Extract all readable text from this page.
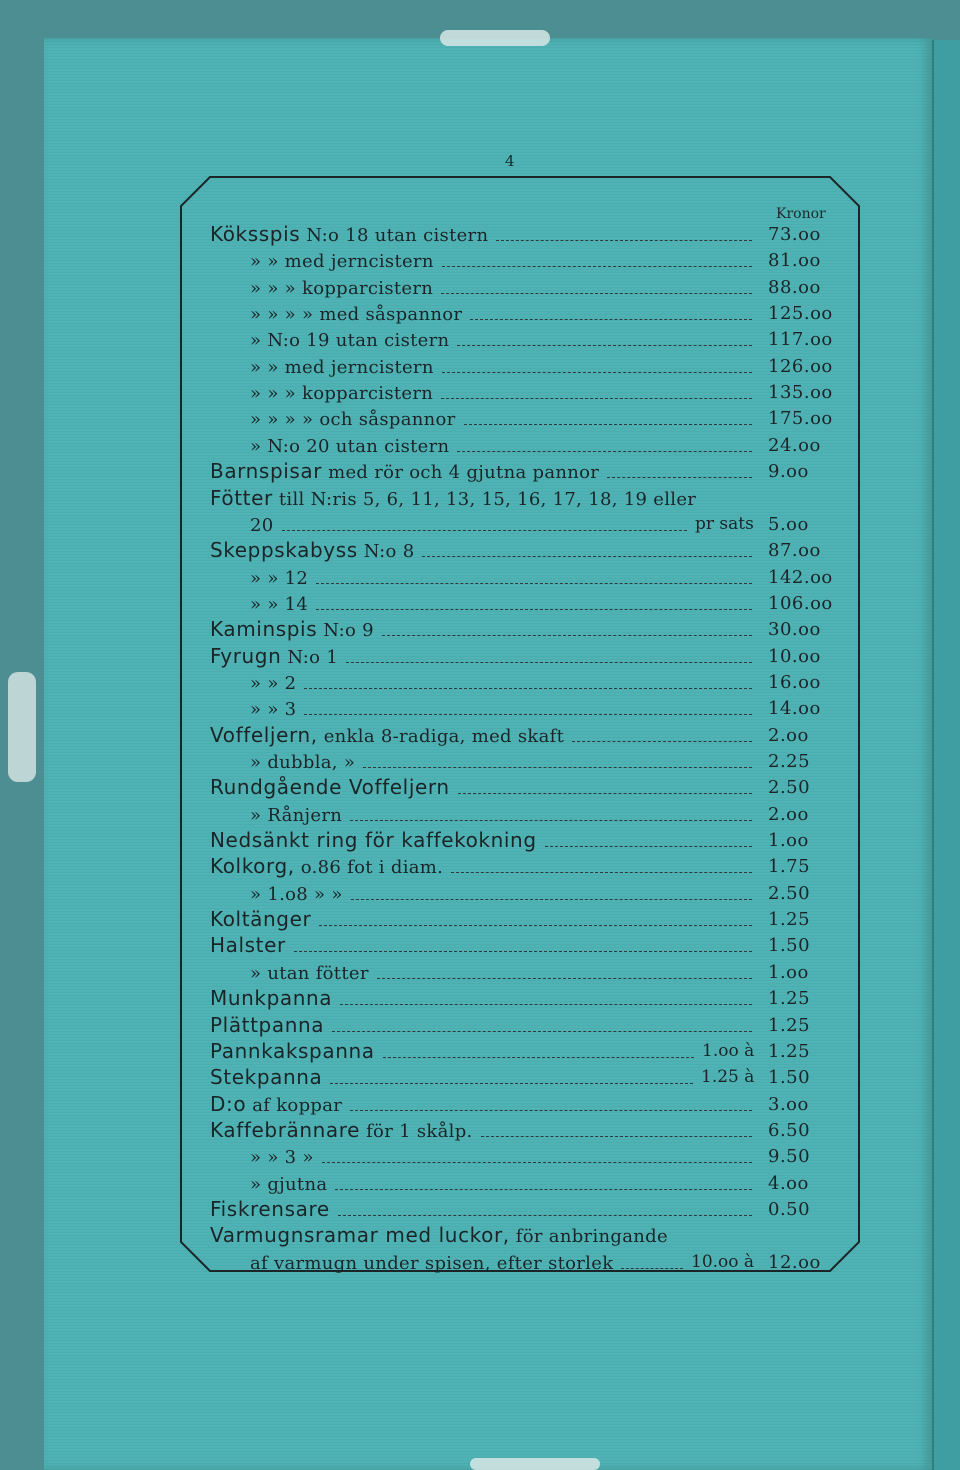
4
Kronor
Köksspis N:o 18 utan cistern	73.oo
» » med jerncistern	81.oo
» » » kopparcistern	88.oo
» » » » med såspannor	125.oo
» N:o 19 utan cistern	117.oo
» » med jerncistern	126.oo
» » » kopparcistern	135.oo
» » » » och såspannor	175.oo
» N:o 20 utan cistern	24.oo
Barnspisar med rör och 4 gjutna pannor	9.oo
Fötter till N:ris 5, 6, 11, 13, 15, 16, 17, 18, 19 eller
20	pr sats 5.oo
Skeppskabyss N:o 8	87.oo
» » 12	142.oo
» » 14	106.oo
Kaminspis N:o 9	30.oo
Fyrugn N:o 1	10.oo
» » 2	16.oo
» » 3	14.oo
Voffeljern, enkla 8-radiga, med skaft	2.oo
» dubbla, »	2.25
Rundgående Voffeljern	2.50
» Rånjern	2.oo
Nedsänkt ring för kaffekokning	1.oo
Kolkorg, o.86 fot i diam.	1.75
» 1.o8 » »	2.50
Koltänger	1.25
Halster	1.50
» utan fötter	1.oo
Munkpanna	1.25
Plättpanna	1.25
Pannkakspanna	1.oo à 1.25
Stekpanna	1.25 à 1.50
D:o af koppar	3.oo
Kaffebrännare för 1 skålp.	6.50
» » 3 »	9.50
» gjutna	4.oo
Fiskrensare	0.50
Varmugnsramar med luckor, för anbringande
af varmugn under spisen, efter storlek	10.oo à 12.oo
